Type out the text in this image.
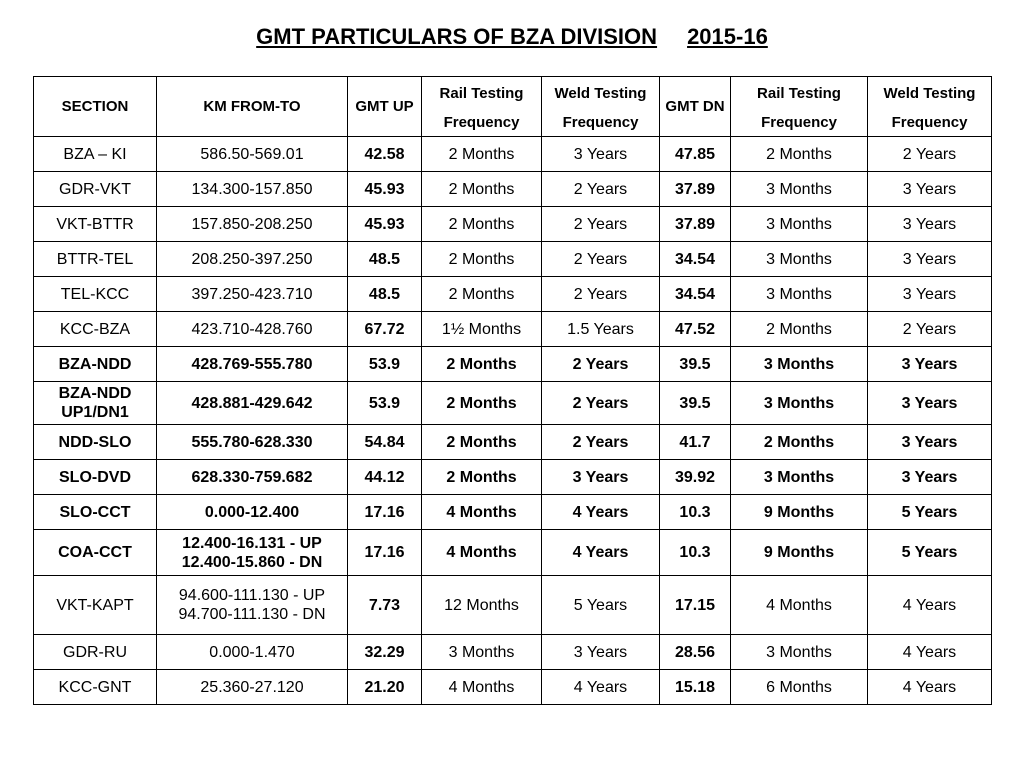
GMT PARTICULARS OF BZA DIVISION 2015-16
SECTION	KM FROM-TO	GMT UP	Rail Testing	Weld Testing	GMT DN	Rail Testing	Weld Testing
			Frequency	Frequency		Frequency	Frequency
BZA – KI	586.50-569.01	42.58	2 Months	3 Years	47.85	2 Months	2 Years
GDR-VKT	134.300-157.850	45.93	2 Months	2 Years	37.89	3 Months	3 Years
VKT-BTTR	157.850-208.250	45.93	2 Months	2 Years	37.89	3 Months	3 Years
BTTR-TEL	208.250-397.250	48.5	2 Months	2 Years	34.54	3 Months	3 Years
TEL-KCC	397.250-423.710	48.5	2 Months	2 Years	34.54	3 Months	3 Years
KCC-BZA	423.710-428.760	67.72	1½ Months	1.5 Years	47.52	2 Months	2 Years
BZA-NDD	428.769-555.780	53.9	2 Months	2 Years	39.5	3 Months	3 Years
BZA-NDD
UP1/DN1	428.881-429.642	53.9	2 Months	2 Years	39.5	3 Months	3 Years
NDD-SLO	555.780-628.330	54.84	2 Months	2 Years	41.7	2 Months	3 Years
SLO-DVD	628.330-759.682	44.12	2 Months	3 Years	39.92	3 Months	3 Years
SLO-CCT	0.000-12.400	17.16	4 Months	4 Years	10.3	9 Months	5 Years
COA-CCT	12.400-16.131 - UP
12.400-15.860 - DN	17.16	4 Months	4 Years	10.3	9 Months	5 Years
VKT-KAPT	94.600-111.130 - UP
94.700-111.130 - DN	7.73	12 Months	5 Years	17.15	4 Months	4 Years
GDR-RU	0.000-1.470	32.29	3 Months	3 Years	28.56	3 Months	4 Years
KCC-GNT	25.360-27.120	21.20	4 Months	4 Years	15.18	6 Months	4 Years
